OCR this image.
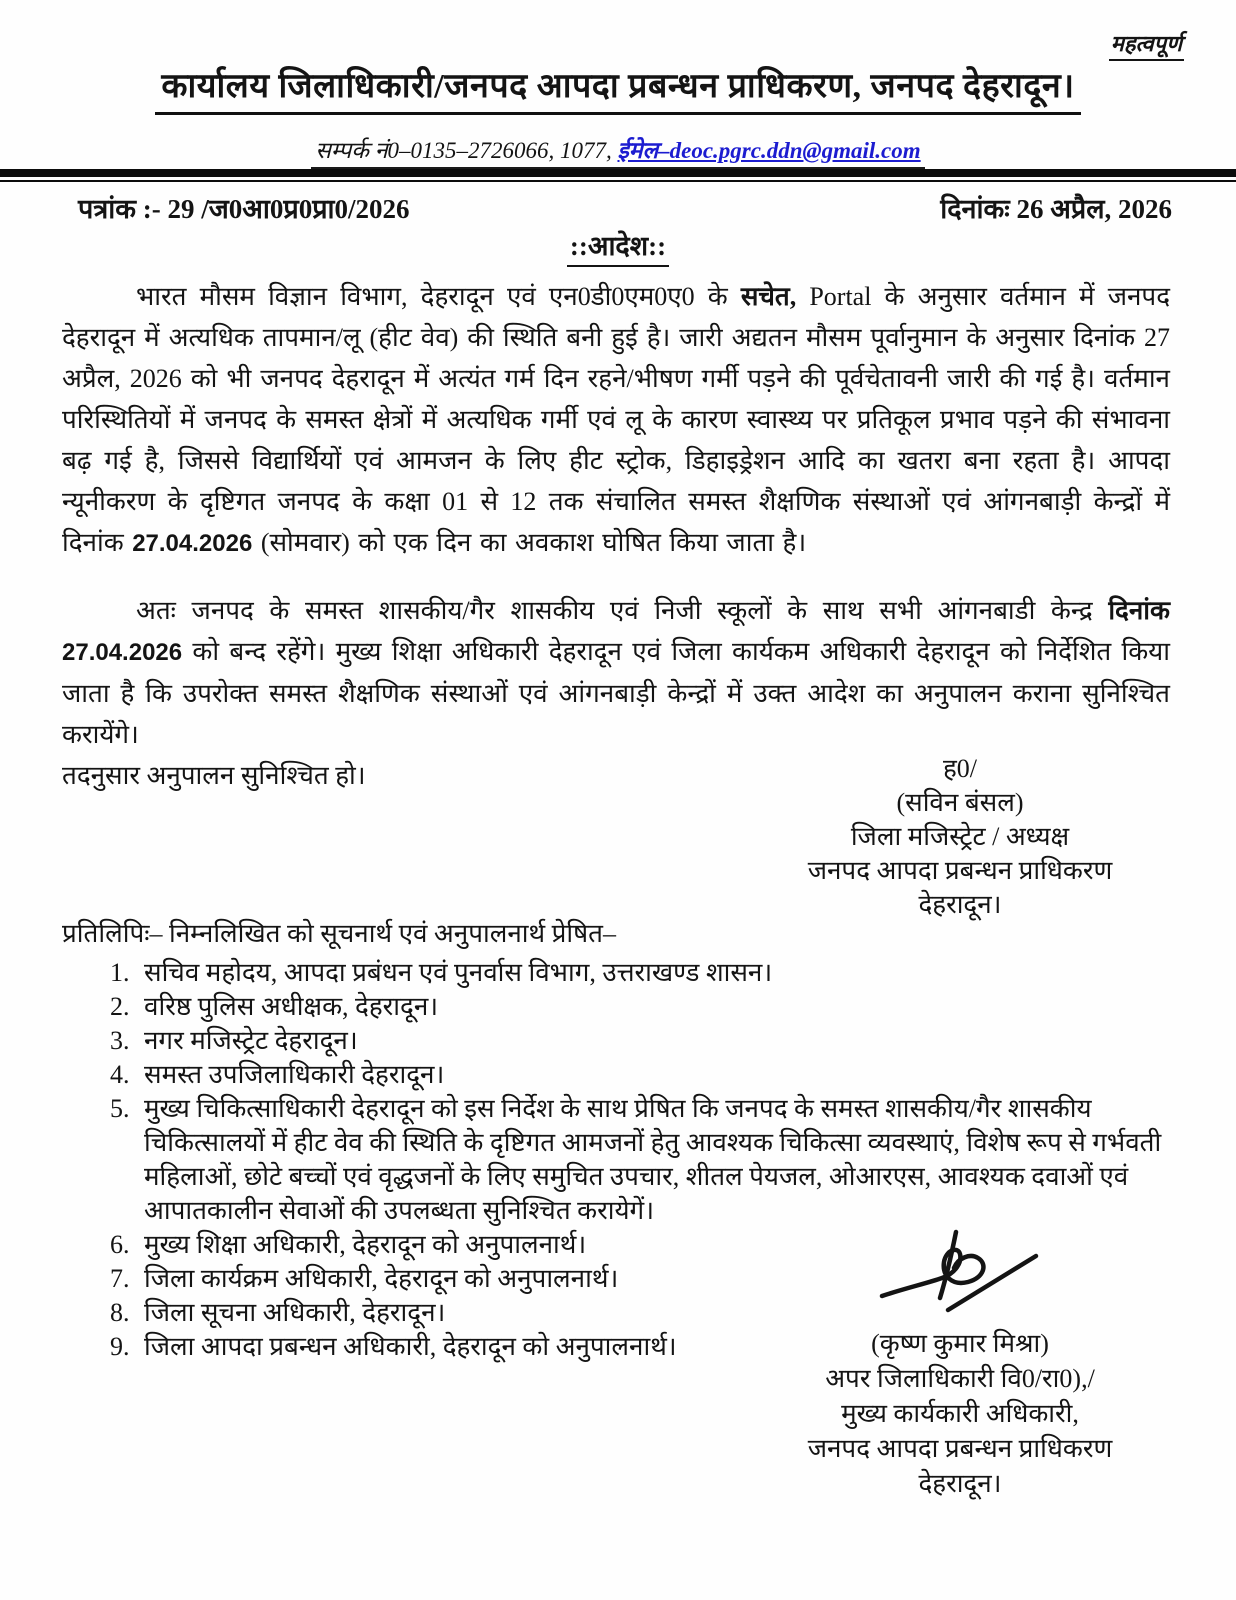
महत्वपूर्ण
कार्यालय जिलाधिकारी/जनपद आपदा प्रबन्धन प्राधिकरण, जनपद देहरादून।
सम्पर्क नं0–0135–2726066, 1077, ईमेल–deoc.pgrc.ddn@gmail.com
पत्रांक :- 29 /ज0आ0प्र0प्रा0/2026	दिनांकः 26 अप्रैल, 2026
::आदेश::

भारत मौसम विज्ञान विभाग, देहरादून एवं एन0डी0एम0ए0 के सचेत, Portal के अनुसार वर्तमान में जनपद देहरादून में अत्यधिक तापमान/लू (हीट वेव) की स्थिति बनी हुई है। जारी अद्यतन मौसम पूर्वानुमान के अनुसार दिनांक 27 अप्रैल, 2026 को भी जनपद देहरादून में अत्यंत गर्म दिन रहने/भीषण गर्मी पड़ने की पूर्वचेतावनी जारी की गई है। वर्तमान परिस्थितियों में जनपद के समस्त क्षेत्रों में अत्यधिक गर्मी एवं लू के कारण स्वास्थ्य पर प्रतिकूल प्रभाव पड़ने की संभावना बढ़ गई है, जिससे विद्यार्थियों एवं आमजन के लिए हीट स्ट्रोक, डिहाइड्रेशन आदि का खतरा बना रहता है। आपदा न्यूनीकरण के दृष्टिगत जनपद के कक्षा 01 से 12 तक संचालित समस्त शैक्षणिक संस्थाओं एवं आंगनबाड़ी केन्द्रों में दिनांक 27.04.2026 (सोमवार) को एक दिन का अवकाश घोषित किया जाता है।

अतः जनपद के समस्त शासकीय/गैर शासकीय एवं निजी स्कूलों के साथ सभी आंगनबाडी केन्द्र दिनांक 27.04.2026 को बन्द रहेंगे। मुख्य शिक्षा अधिकारी देहरादून एवं जिला कार्यकम अधिकारी देहरादून को निर्देशित किया जाता है कि उपरोक्त समस्त शैक्षणिक संस्थाओं एवं आंगनबाड़ी केन्द्रों में उक्त आदेश का अनुपालन कराना सुनिश्चित करायेंगे।

तदनुसार अनुपालन सुनिश्चित हो।	ह0/
(सविन बंसल)
जिला मजिस्ट्रेट / अध्यक्ष
जनपद आपदा प्रबन्धन प्राधिकरण
देहरादून।
प्रतिलिपिः– निम्नलिखित को सूचनार्थ एवं अनुपालनार्थ प्रेषित–
1. सचिव महोदय, आपदा प्रबंधन एवं पुनर्वास विभाग, उत्तराखण्ड शासन।
2. वरिष्ठ पुलिस अधीक्षक, देहरादून।
3. नगर मजिस्ट्रेट देहरादून।
4. समस्त उपजिलाधिकारी देहरादून।
5. मुख्य चिकित्साधिकारी देहरादून को इस निर्देश के साथ प्रेषित कि जनपद के समस्त शासकीय/गैर शासकीय चिकित्सालयों में हीट वेव की स्थिति के दृष्टिगत आमजनों हेतु आवश्यक चिकित्सा व्यवस्थाएं, विशेष रूप से गर्भवती महिलाओं, छोटे बच्चों एवं वृद्धजनों के लिए समुचित उपचार, शीतल पेयजल, ओआरएस, आवश्यक दवाओं एवं आपातकालीन सेवाओं की उपलब्धता सुनिश्चित करायेगें।
6. मुख्य शिक्षा अधिकारी, देहरादून को अनुपालनार्थ।
7. जिला कार्यक्रम अधिकारी, देहरादून को अनुपालनार्थ।
8. जिला सूचना अधिकारी, देहरादून।
9. जिला आपदा प्रबन्धन अधिकारी, देहरादून को अनुपालनार्थ।	(कृष्ण कुमार मिश्रा)
अपर जिलाधिकारी वि0/रा0),/
मुख्य कार्यकारी अधिकारी,
जनपद आपदा प्रबन्धन प्राधिकरण
देहरादून।
